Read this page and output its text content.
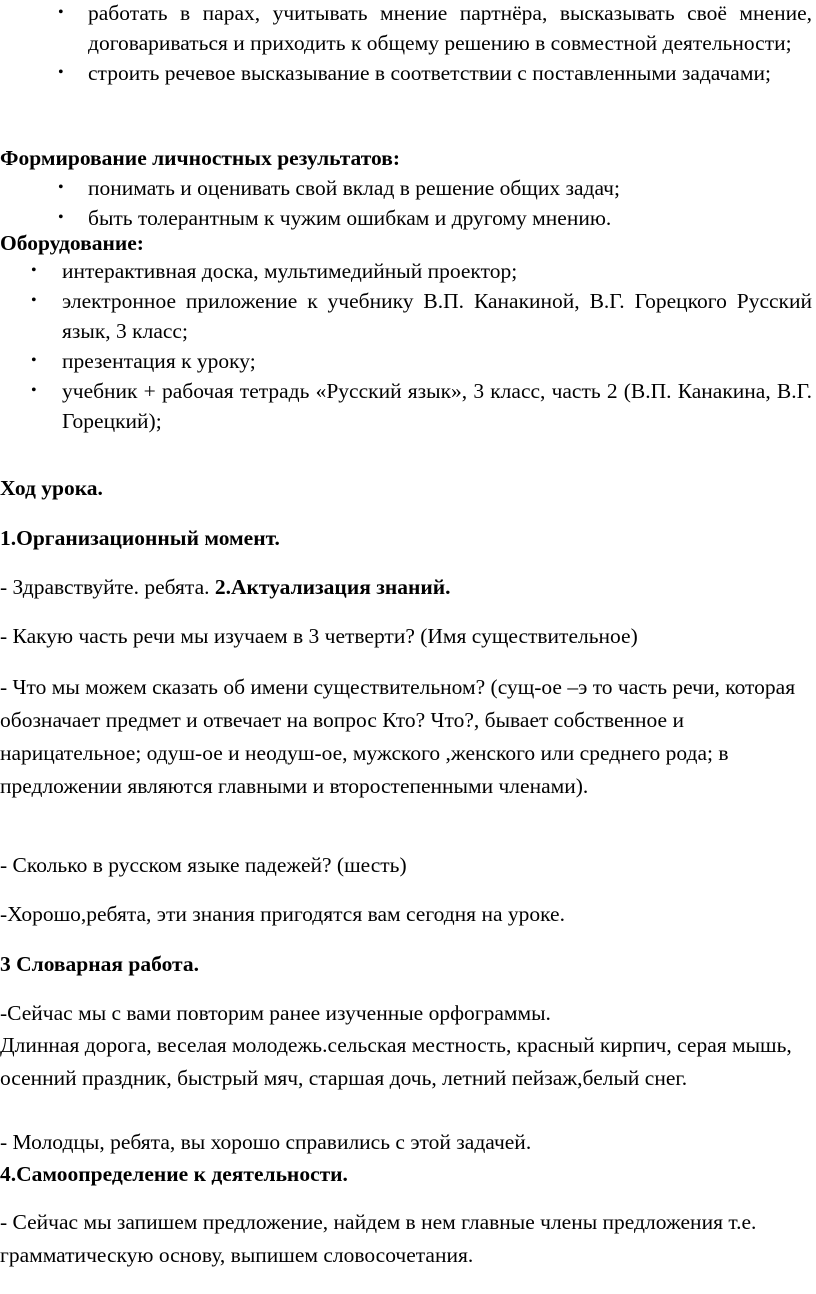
• работать в парах, учитывать мнение партнёра, высказывать своё мнение, договариваться и приходить к общему решению в совместной деятельности;
• строить речевое высказывание в соответствии с поставленными задачами;

Формирование личностных результатов:

• понимать и оценивать свой вклад в решение общих задач;
• быть толерантным к чужим ошибкам и другому мнению.

Оборудование:

• интерактивная доска, мультимедийный проектор;
• электронное приложение к учебнику В.П. Канакиной, В.Г. Горецкого Русский язык, 3 класс;
• презентация к уроку;
• учебник + рабочая тетрадь «Русский язык», 3 класс, часть 2 (В.П. Канакина, В.Г. Горецкий);

Ход урока.

1.Организационный момент.

- Здравствуйте. ребята. 2.Актуализация знаний.

- Какую часть речи мы изучаем в 3 четверти? (Имя существительное)

- Что мы можем сказать об имени существительном? (сущ-ое –э то часть речи, которая обозначает предмет и отвечает на вопрос Кто? Что?, бывает собственное и нарицательное; одуш-ое и неодуш-ое, мужского ,женского или среднего рода; в предложении являются главными и второстепенными членами).

- Сколько в русском языке падежей? (шесть)

-Хорошо,ребята, эти знания пригодятся вам сегодня на уроке.

3 Словарная работа.

-Сейчас мы с вами повторим ранее изученные орфограммы.

Длинная дорога, веселая молодежь.сельская местность, красный кирпич, серая мышь, осенний праздник, быстрый мяч, старшая дочь, летний пейзаж,белый снег.

- Молодцы, ребята, вы хорошо справились с этой задачей.

4.Самоопределение к деятельности.

- Сейчас мы запишем предложение, найдем в нем главные члены предложения т.е. грамматическую основу, выпишем словосочетания.
